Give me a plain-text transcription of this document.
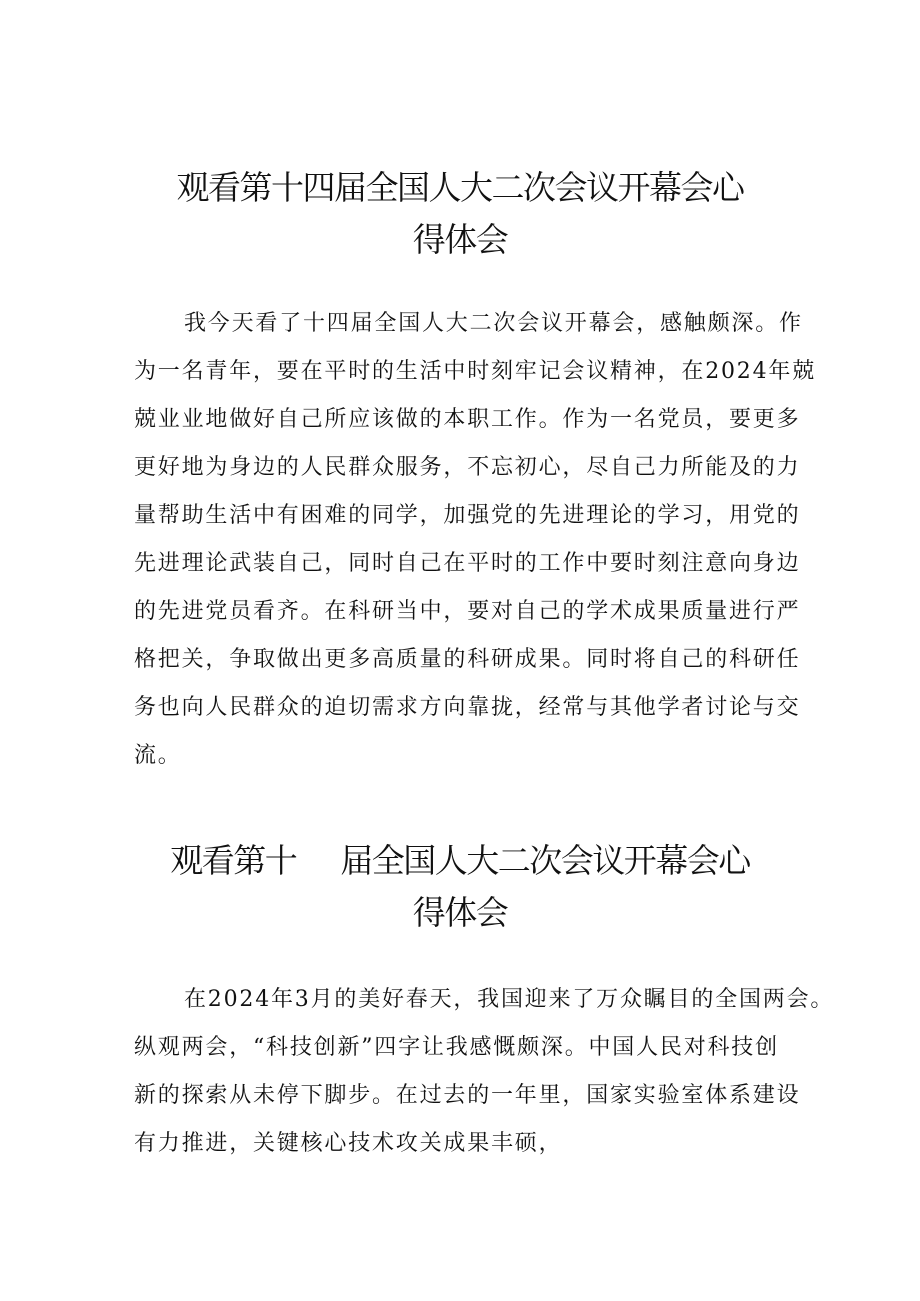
观看第十四届全国人大二次会议开幕会心
得体会
我今天看了十四届全国人大二次会议开幕会，感触颇深。作
为一名青年，要在平时的生活中时刻牢记会议精神，在2024年兢
兢业业地做好自己所应该做的本职工作。作为一名党员，要更多
更好地为身边的人民群众服务，不忘初心，尽自己力所能及的力
量帮助生活中有困难的同学，加强党的先进理论的学习，用党的
先进理论武装自己，同时自己在平时的工作中要时刻注意向身边
的先进党员看齐。在科研当中，要对自己的学术成果质量进行严
格把关，争取做出更多高质量的科研成果。同时将自己的科研任
务也向人民群众的迫切需求方向靠拢，经常与其他学者讨论与交
流。
观看第十 届全国人大二次会议开幕会心
得体会
在2024年3月的美好春天，我国迎来了万众瞩目的全国两会。
纵观两会，“科技创新”四字让我感慨颇深。中国人民对科技创
新的探索从未停下脚步。在过去的一年里，国家实验室体系建设
有力推进，关键核心技术攻关成果丰硕，
